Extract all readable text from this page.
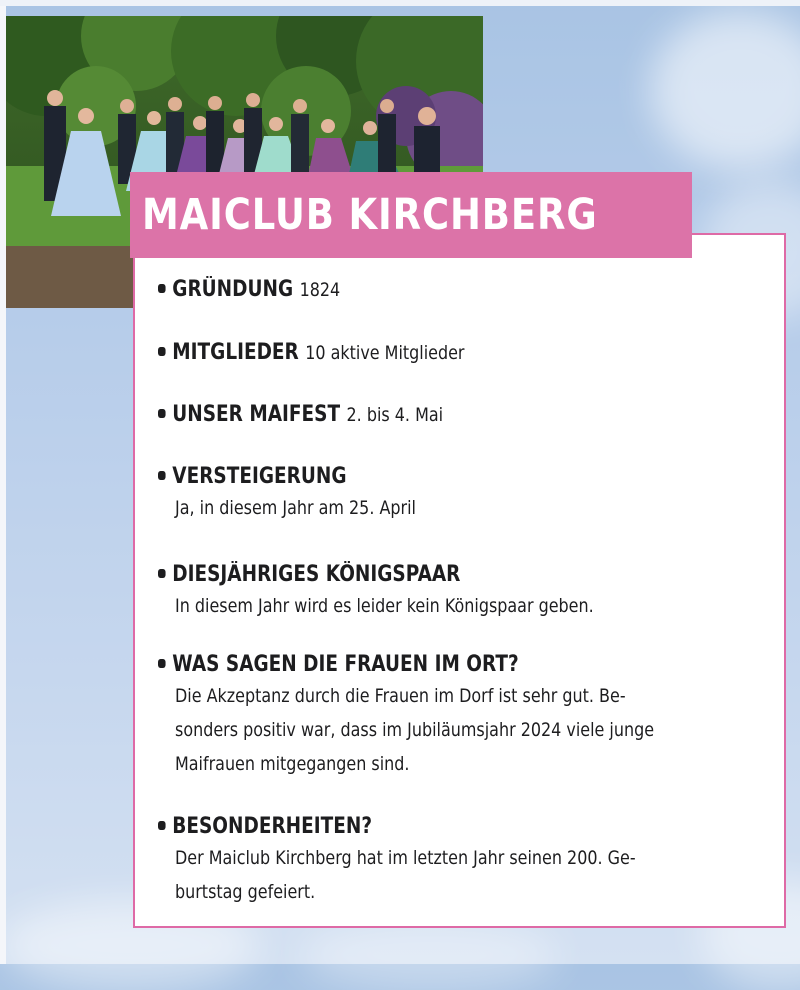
MAICLUB KIRCHBERG
GRÜNDUNG 1824
MITGLIEDER 10 aktive Mitglieder
UNSER MAIFEST 2. bis 4. Mai
VERSTEIGERUNG
Ja, in diesem Jahr am 25. April
DIESJÄHRIGES KÖNIGSPAAR
In diesem Jahr wird es leider kein Königspaar geben.
WAS SAGEN DIE FRAUEN IM ORT?
Die Akzeptanz durch die Frauen im Dorf ist sehr gut. Be-
sonders positiv war, dass im Jubiläumsjahr 2024 viele junge
Maifrauen mitgegangen sind.
BESONDERHEITEN?
Der Maiclub Kirchberg hat im letzten Jahr seinen 200. Ge-
burtstag gefeiert.
